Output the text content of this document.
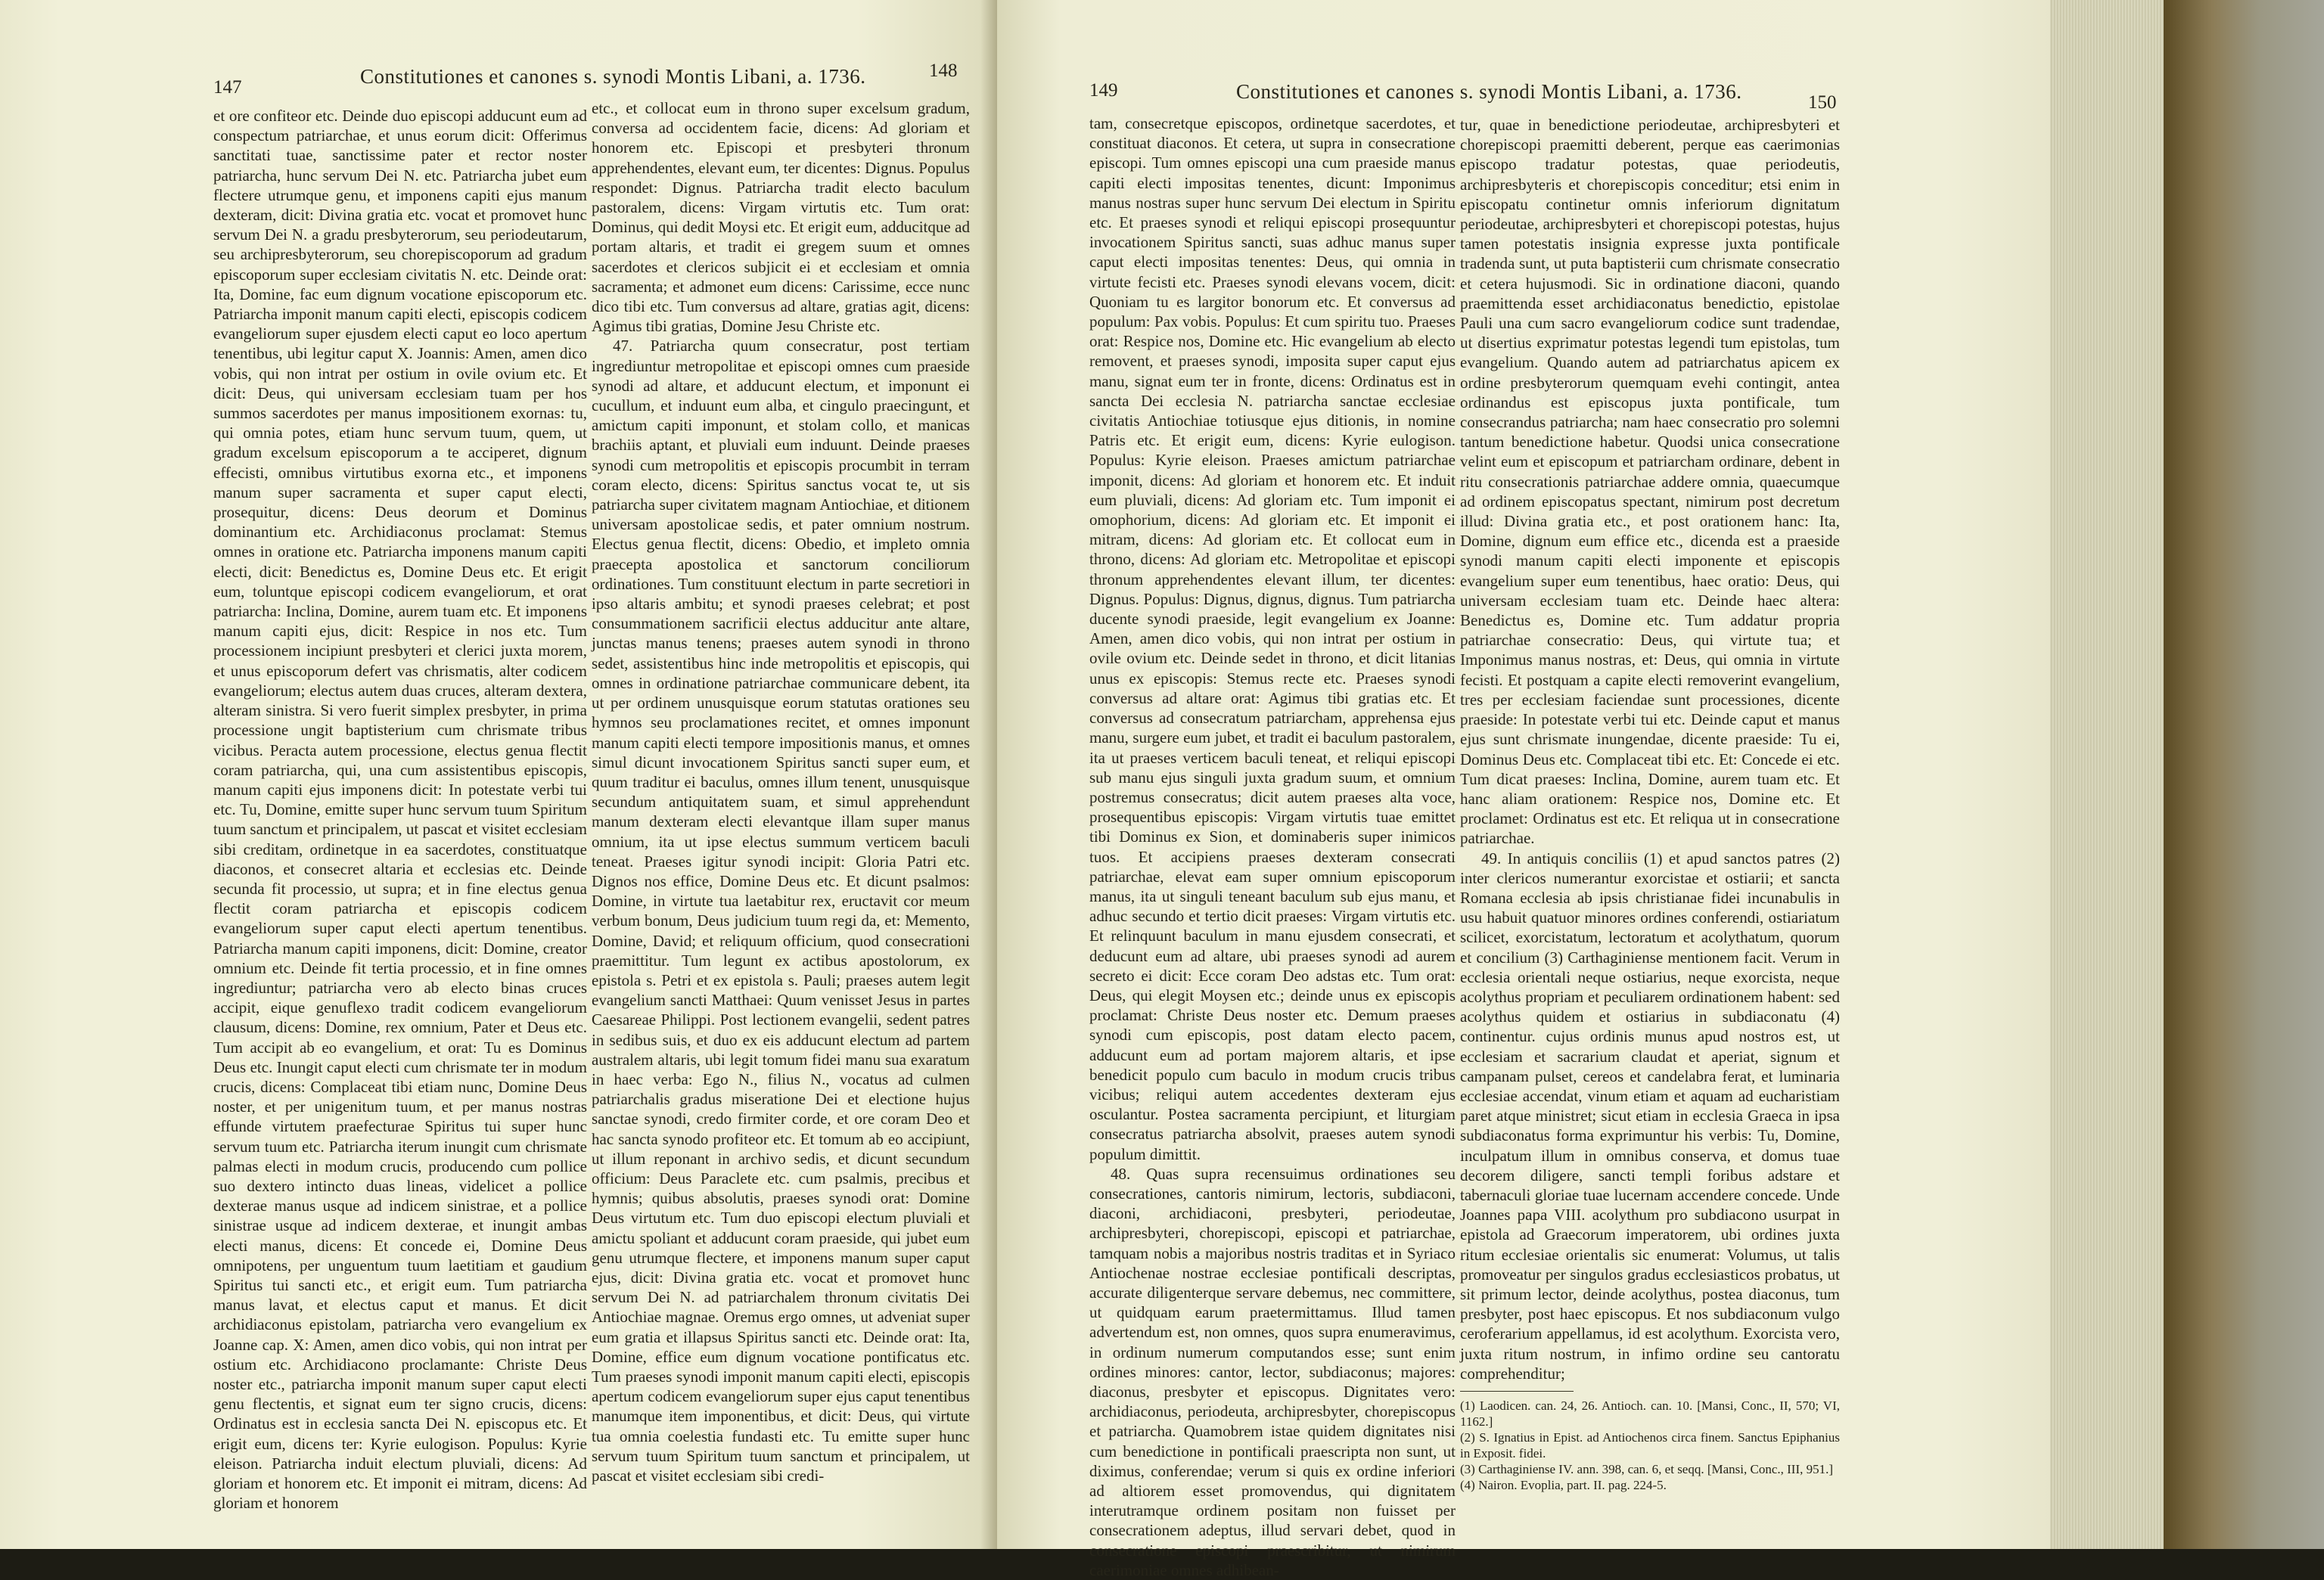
147	Constitutiones et canones s. synodi Montis Libani, a. 1736.	148

et ore confiteor etc. Deinde duo episcopi adducunt eum ad conspectum patriarchae, et unus eorum dicit: Offerimus sanctitati tuae, sanctissime pater et rector noster patriarcha, hunc servum Dei N. etc. Patriarcha jubet eum flectere utrumque genu, et imponens capiti ejus manum dexteram, dicit: Divina gratia etc. vocat et promovet hunc servum Dei N. a gradu presbyterorum, seu periodeutarum, seu archipresbyterorum, seu chorepiscoporum ad gradum episcoporum super ecclesiam civitatis N. etc. Deinde orat: Ita, Domine, fac eum dignum vocatione episcoporum etc. Patriarcha imponit manum capiti electi, episcopis codicem evangeliorum super ejusdem electi caput eo loco apertum tenentibus, ubi legitur caput X. Joannis: Amen, amen dico vobis, qui non intrat per ostium in ovile ovium etc. Et dicit: Deus, qui universam ecclesiam tuam per hos summos sacerdotes per manus impositionem exornas: tu, qui omnia potes, etiam hunc servum tuum, quem, ut gradum excelsum episcoporum a te acciperet, dignum effecisti, omnibus virtutibus exorna etc., et imponens manum super sacramenta et super caput electi, prosequitur, dicens: Deus deorum et Dominus dominantium etc. Archidiaconus proclamat: Stemus omnes in oratione etc. Patriarcha imponens manum capiti electi, dicit: Benedictus es, Domine Deus etc. Et erigit eum, toluntque episcopi codicem evangeliorum, et orat patriarcha: Inclina, Domine, aurem tuam etc. Et imponens manum capiti ejus, dicit: Respice in nos etc. Tum processionem incipiunt presbyteri et clerici juxta morem, et unus episcoporum defert vas chrismatis, alter codicem evangeliorum; electus autem duas cruces, alteram dextera, alteram sinistra. Si vero fuerit simplex presbyter, in prima processione ungit baptisterium cum chrismate tribus vicibus. Peracta autem processione, electus genua flectit coram patriarcha, qui, una cum assistentibus episcopis, manum capiti ejus imponens dicit: In potestate verbi tui etc. Tu, Domine, emitte super hunc servum tuum Spiritum tuum sanctum et principalem, ut pascat et visitet ecclesiam sibi creditam, ordinetque in ea sacerdotes, constituatque diaconos, et consecret altaria et ecclesias etc. Deinde secunda fit processio, ut supra; et in fine electus genua flectit coram patriarcha et episcopis codicem evangeliorum super caput electi apertum tenentibus. Patriarcha manum capiti imponens, dicit: Domine, creator omnium etc. Deinde fit tertia processio, et in fine omnes ingrediuntur; patriarcha vero ab electo binas cruces accipit, eique genuflexo tradit codicem evangeliorum clausum, dicens: Domine, rex omnium, Pater et Deus etc. Tum accipit ab eo evangelium, et orat: Tu es Dominus Deus etc. Inungit caput electi cum chrismate ter in modum crucis, dicens: Complaceat tibi etiam nunc, Domine Deus noster, et per unigenitum tuum, et per manus nostras effunde virtutem praefecturae Spiritus tui super hunc servum tuum etc. Patriarcha iterum inungit cum chrismate palmas electi in modum crucis, producendo cum pollice suo dextero intincto duas lineas, videlicet a pollice dexterae manus usque ad indicem sinistrae, et a pollice sinistrae usque ad indicem dexterae, et inungit ambas electi manus, dicens: Et concede ei, Domine Deus omnipotens, per unguentum tuum laetitiam et gaudium Spiritus tui sancti etc., et erigit eum. Tum patriarcha manus lavat, et electus caput et manus. Et dicit archidiaconus epistolam, patriarcha vero evangelium ex Joanne cap. X: Amen, amen dico vobis, qui non intrat per ostium etc. Archidiacono proclamante: Christe Deus noster etc., patriarcha imponit manum super caput electi genu flectentis, et signat eum ter signo crucis, dicens: Ordinatus est in ecclesia sancta Dei N. episcopus etc. Et erigit eum, dicens ter: Kyrie eulogison. Populus: Kyrie eleison. Patriarcha induit electum pluviali, dicens: Ad gloriam et honorem etc. Et imponit ei mitram, dicens: Ad gloriam et honorem

etc., et collocat eum in throno super excelsum gradum, conversa ad occidentem facie, dicens: Ad gloriam et honorem etc. Episcopi et presbyteri thronum apprehendentes, elevant eum, ter dicentes: Dignus. Populus respondet: Dignus. Patriarcha tradit electo baculum pastoralem, dicens: Virgam virtutis etc. Tum orat: Dominus, qui dedit Moysi etc. Et erigit eum, adducitque ad portam altaris, et tradit ei gregem suum et omnes sacerdotes et clericos subjicit ei et ecclesiam et omnia sacramenta; et admonet eum dicens: Carissime, ecce nunc dico tibi etc. Tum conversus ad altare, gratias agit, dicens: Agimus tibi gratias, Domine Jesu Christe etc.

47. Patriarcha quum consecratur, post tertiam ingrediuntur metropolitae et episcopi omnes cum praeside synodi ad altare, et adducunt electum, et imponunt ei cucullum, et induunt eum alba, et cingulo praecingunt, et amictum capiti imponunt, et stolam collo, et manicas brachiis aptant, et pluviali eum induunt. Deinde praeses synodi cum metropolitis et episcopis procumbit in terram coram electo, dicens: Spiritus sanctus vocat te, ut sis patriarcha super civitatem magnam Antiochiae, et ditionem universam apostolicae sedis, et pater omnium nostrum. Electus genua flectit, dicens: Obedio, et impleto omnia praecepta apostolica et sanctorum conciliorum ordinationes. Tum constituunt electum in parte secretiori in ipso altaris ambitu; et synodi praeses celebrat; et post consummationem sacrificii electus adducitur ante altare, junctas manus tenens; praeses autem synodi in throno sedet, assistentibus hinc inde metropolitis et episcopis, qui omnes in ordinatione patriarchae communicare debent, ita ut per ordinem unusquisque eorum statutas orationes seu hymnos seu proclamationes recitet, et omnes imponunt manum capiti electi tempore impositionis manus, et omnes simul dicunt invocationem Spiritus sancti super eum, et quum traditur ei baculus, omnes illum tenent, unusquisque secundum antiquitatem suam, et simul apprehendunt manum dexteram electi elevantque illam super manus omnium, ita ut ipse electus summum verticem baculi teneat. Praeses igitur synodi incipit: Gloria Patri etc. Dignos nos effice, Domine Deus etc. Et dicunt psalmos: Domine, in virtute tua laetabitur rex, eructavit cor meum verbum bonum, Deus judicium tuum regi da, et: Memento, Domine, David; et reliquum officium, quod consecrationi praemittitur. Tum legunt ex actibus apostolorum, ex epistola s. Petri et ex epistola s. Pauli; praeses autem legit evangelium sancti Matthaei: Quum venisset Jesus in partes Caesareae Philippi. Post lectionem evangelii, sedent patres in sedibus suis, et duo ex eis adducunt electum ad partem australem altaris, ubi legit tomum fidei manu sua exaratum in haec verba: Ego N., filius N., vocatus ad culmen patriarchalis gradus miseratione Dei et electione hujus sanctae synodi, credo firmiter corde, et ore coram Deo et hac sancta synodo profiteor etc. Et tomum ab eo accipiunt, ut illum reponant in archivo sedis, et dicunt secundum officium: Deus Paraclete etc. cum psalmis, precibus et hymnis; quibus absolutis, praeses synodi orat: Domine Deus virtutum etc. Tum duo episcopi electum pluviali et amictu spoliant et adducunt coram praeside, qui jubet eum genu utrumque flectere, et imponens manum super caput ejus, dicit: Divina gratia etc. vocat et promovet hunc servum Dei N. ad patriarchalem thronum civitatis Dei Antiochiae magnae. Oremus ergo omnes, ut adveniat super eum gratia et illapsus Spiritus sancti etc. Deinde orat: Ita, Domine, effice eum dignum vocatione pontificatus etc. Tum praeses synodi imponit manum capiti electi, episcopis apertum codicem evangeliorum super ejus caput tenentibus manumque item imponentibus, et dicit: Deus, qui virtute tua omnia coelestia fundasti etc. Tu emitte super hunc servum tuum Spiritum tuum sanctum et principalem, ut pascat et visitet ecclesiam sibi credi-

149	Constitutiones et canones s. synodi Montis Libani, a. 1736.	150

tam, consecretque episcopos, ordinetque sacerdotes, et constituat diaconos. Et cetera, ut supra in consecratione episcopi. Tum omnes episcopi una cum praeside manus capiti electi impositas tenentes, dicunt: Imponimus manus nostras super hunc servum Dei electum in Spiritu etc. Et praeses synodi et reliqui episcopi prosequuntur invocationem Spiritus sancti, suas adhuc manus super caput electi impositas tenentes: Deus, qui omnia in virtute fecisti etc. Praeses synodi elevans vocem, dicit: Quoniam tu es largitor bonorum etc. Et conversus ad populum: Pax vobis. Populus: Et cum spiritu tuo. Praeses orat: Respice nos, Domine etc. Hic evangelium ab electo removent, et praeses synodi, imposita super caput ejus manu, signat eum ter in fronte, dicens: Ordinatus est in sancta Dei ecclesia N. patriarcha sanctae ecclesiae civitatis Antiochiae totiusque ejus ditionis, in nomine Patris etc. Et erigit eum, dicens: Kyrie eulogison. Populus: Kyrie eleison. Praeses amictum patriarchae imponit, dicens: Ad gloriam et honorem etc. Et induit eum pluviali, dicens: Ad gloriam etc. Tum imponit ei omophorium, dicens: Ad gloriam etc. Et imponit ei mitram, dicens: Ad gloriam etc. Et collocat eum in throno, dicens: Ad gloriam etc. Metropolitae et episcopi thronum apprehendentes elevant illum, ter dicentes: Dignus. Populus: Dignus, dignus, dignus. Tum patriarcha ducente synodi praeside, legit evangelium ex Joanne: Amen, amen dico vobis, qui non intrat per ostium in ovile ovium etc. Deinde sedet in throno, et dicit litanias unus ex episcopis: Stemus recte etc. Praeses synodi conversus ad altare orat: Agimus tibi gratias etc. Et conversus ad consecratum patriarcham, apprehensa ejus manu, surgere eum jubet, et tradit ei baculum pastoralem, ita ut praeses verticem baculi teneat, et reliqui episcopi sub manu ejus singuli juxta gradum suum, et omnium postremus consecratus; dicit autem praeses alta voce, prosequentibus episcopis: Virgam virtutis tuae emittet tibi Dominus ex Sion, et dominaberis super inimicos tuos. Et accipiens praeses dexteram consecrati patriarchae, elevat eam super omnium episcoporum manus, ita ut singuli teneant baculum sub ejus manu, et adhuc secundo et tertio dicit praeses: Virgam virtutis etc. Et relinquunt baculum in manu ejusdem consecrati, et deducunt eum ad altare, ubi praeses synodi ad aurem secreto ei dicit: Ecce coram Deo adstas etc. Tum orat: Deus, qui elegit Moysen etc.; deinde unus ex episcopis proclamat: Christe Deus noster etc. Demum praeses synodi cum episcopis, post datam electo pacem, adducunt eum ad portam majorem altaris, et ipse benedicit populo cum baculo in modum crucis tribus vicibus; reliqui autem accedentes dexteram ejus osculantur. Postea sacramenta percipiunt, et liturgiam consecratus patriarcha absolvit, praeses autem synodi populum dimittit.

48. Quas supra recensuimus ordinationes seu consecrationes, cantoris nimirum, lectoris, subdiaconi, diaconi, archidiaconi, presbyteri, periodeutae, archipresbyteri, chorepiscopi, episcopi et patriarchae, tamquam nobis a majoribus nostris traditas et in Syriaco Antiochenae nostrae ecclesiae pontificali descriptas, accurate diligenterque servare debemus, nec committere, ut quidquam earum praetermittamus. Illud tamen advertendum est, non omnes, quos supra enumeravimus, in ordinum numerum computandos esse; sunt enim ordines minores: cantor, lector, subdiaconus; majores: diaconus, presbyter et episcopus. Dignitates vero: archidiaconus, periodeuta, archipresbyter, chorepiscopus et patriarcha. Quamobrem istae quidem dignitates nisi cum benedictione in pontificali praescripta non sunt, ut diximus, conferendae; verum si quis ex ordine inferiori ad altiorem esset promovendus, qui dignitatem interutramque ordinem positam non fuisset per consecrationem adeptus, illud servari debet, quod in consecratione episcopi praescribitur, ut nimirum caerimoniae omnes adhibean-

tur, quae in benedictione periodeutae, archipresbyteri et chorepiscopi praemitti deberent, perque eas caerimonias episcopo tradatur potestas, quae periodeutis, archipresbyteris et chorepiscopis conceditur; etsi enim in episcopatu continetur omnis inferiorum dignitatum periodeutae, archipresbyteri et chorepiscopi potestas, hujus tamen potestatis insignia expresse juxta pontificale tradenda sunt, ut puta baptisterii cum chrismate consecratio et cetera hujusmodi. Sic in ordinatione diaconi, quando praemittenda esset archidiaconatus benedictio, epistolae Pauli una cum sacro evangeliorum codice sunt tradendae, ut disertius exprimatur potestas legendi tum epistolas, tum evangelium. Quando autem ad patriarchatus apicem ex ordine presbyterorum quemquam evehi contingit, antea ordinandus est episcopus juxta pontificale, tum consecrandus patriarcha; nam haec consecratio pro solemni tantum benedictione habetur. Quodsi unica consecratione velint eum et episcopum et patriarcham ordinare, debent in ritu consecrationis patriarchae addere omnia, quaecumque ad ordinem episcopatus spectant, nimirum post decretum illud: Divina gratia etc., et post orationem hanc: Ita, Domine, dignum eum effice etc., dicenda est a praeside synodi manum capiti electi imponente et episcopis evangelium super eum tenentibus, haec oratio: Deus, qui universam ecclesiam tuam etc. Deinde haec altera: Benedictus es, Domine etc. Tum addatur propria patriarchae consecratio: Deus, qui virtute tua; et Imponimus manus nostras, et: Deus, qui omnia in virtute fecisti. Et postquam a capite electi removerint evangelium, tres per ecclesiam faciendae sunt processiones, dicente praeside: In potestate verbi tui etc. Deinde caput et manus ejus sunt chrismate inungendae, dicente praeside: Tu ei, Dominus Deus etc. Complaceat tibi etc. Et: Concede ei etc. Tum dicat praeses: Inclina, Domine, aurem tuam etc. Et hanc aliam orationem: Respice nos, Domine etc. Et proclamet: Ordinatus est etc. Et reliqua ut in consecratione patriarchae.

49. In antiquis conciliis (1) et apud sanctos patres (2) inter clericos numerantur exorcistae et ostiarii; et sancta Romana ecclesia ab ipsis christianae fidei incunabulis in usu habuit quatuor minores ordines conferendi, ostiariatum scilicet, exorcistatum, lectoratum et acolythatum, quorum et concilium (3) Carthaginiense mentionem facit. Verum in ecclesia orientali neque ostiarius, neque exorcista, neque acolythus propriam et peculiarem ordinationem habent: sed acolythus quidem et ostiarius in subdiaconatu (4) continentur. cujus ordinis munus apud nostros est, ut ecclesiam et sacrarium claudat et aperiat, signum et campanam pulset, cereos et candelabra ferat, et luminaria ecclesiae accendat, vinum etiam et aquam ad eucharistiam paret atque ministret; sicut etiam in ecclesia Graeca in ipsa subdiaconatus forma exprimuntur his verbis: Tu, Domine, inculpatum illum in omnibus conserva, et domus tuae decorem diligere, sancti templi foribus adstare et tabernaculi gloriae tuae lucernam accendere concede. Unde Joannes papa VIII. acolythum pro subdiacono usurpat in epistola ad Graecorum imperatorem, ubi ordines juxta ritum ecclesiae orientalis sic enumerat: Volumus, ut talis promoveatur per singulos gradus ecclesiasticos probatus, ut sit primum lector, deinde acolythus, postea diaconus, tum presbyter, post haec episcopus. Et nos subdiaconum vulgo ceroferarium appellamus, id est acolythum. Exorcista vero, juxta ritum nostrum, in infimo ordine seu cantoratu comprehenditur;

(1) Laodicen. can. 24, 26. Antioch. can. 10. [Mansi, Conc., II, 570; VI, 1162.]

(2) S. Ignatius in Epist. ad Antiochenos circa finem. Sanctus Epiphanius in Exposit. fidei.

(3) Carthaginiense IV. ann. 398, can. 6, et seqq. [Mansi, Conc., III, 951.]

(4) Nairon. Evoplia, part. II. pag. 224-5.
